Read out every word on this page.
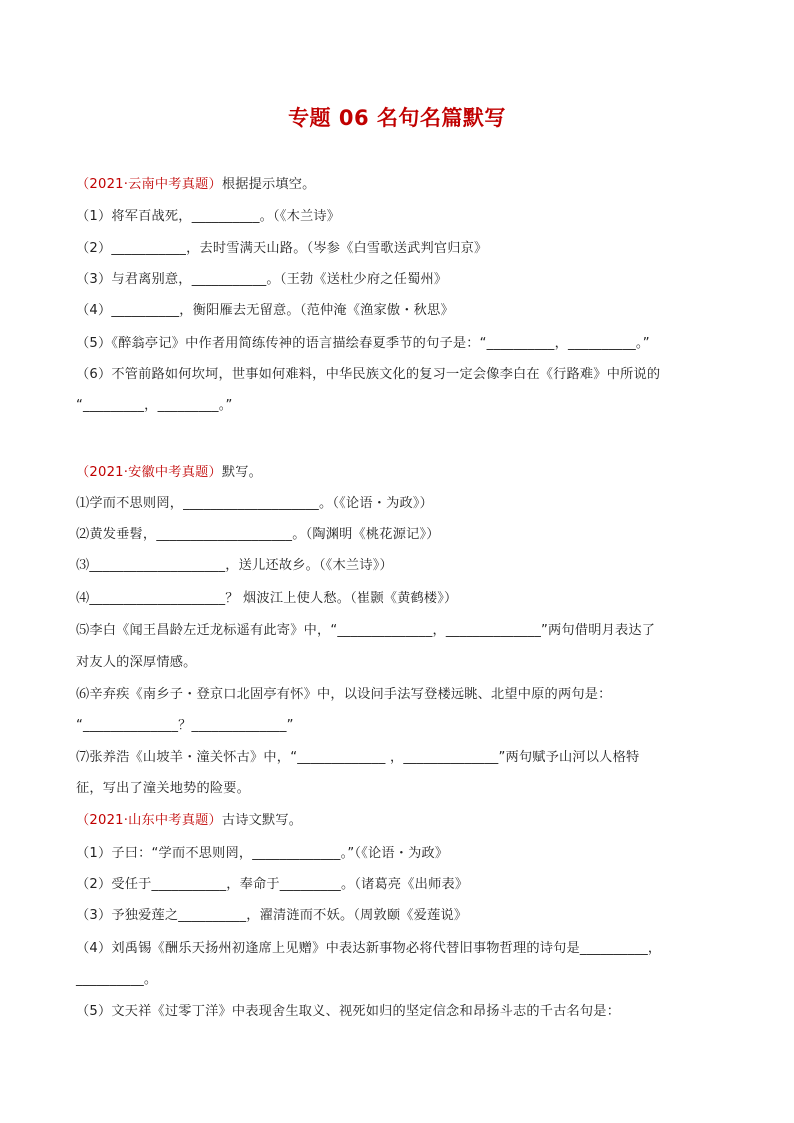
专题 06 名句名篇默写
（2021·云南中考真题）根据提示填空。
（1）将军百战死，__________。（《木兰诗》
（2）___________，去时雪满天山路。（岑参《白雪歌送武判官归京》
（3）与君离别意，___________。（王勃《送杜少府之任蜀州》
（4）__________，衡阳雁去无留意。（范仲淹《渔家傲・秋思》
（5）《醉翁亭记》中作者用简练传神的语言描绘春夏季节的句子是：“__________，__________。”
（6）不管前路如何坎坷，世事如何难料，中华民族文化的复习一定会像李白在《行路难》中所说的
“_________，_________。”
（2021·安徽中考真题）默写。
⑴学而不思则罔，____________________。（《论语・为政》）
⑵黄发垂髫，____________________。（陶渊明《桃花源记》）
⑶____________________，送儿还故乡。（《木兰诗》）
⑷____________________？ 烟波江上使人愁。（崔颢《黄鹤楼》）
⑸李白《闻王昌龄左迁龙标遥有此寄》中，“______________，______________”两句借明月表达了
对友人的深厚情感。
⑹辛弃疾《南乡子・登京口北固亭有怀》中，以设问手法写登楼远眺、北望中原的两句是：
“______________？______________”
⑺张养浩《山坡羊・潼关怀古》中，“_____________ ，______________”两句赋予山河以人格特
征，写出了潼关地势的险要。
（2021·山东中考真题）古诗文默写。
（1）子曰：“学而不思则罔，_____________。”（《论语・为政》
（2）受任于___________，奉命于_________。（诸葛亮《出师表》
（3）予独爱莲之__________，濯清涟而不妖。（周敦颐《爱莲说》
（4）刘禹锡《酬乐天扬州初逢席上见赠》中表达新事物必将代替旧事物哲理的诗句是__________，
__________。
（5）文天祥《过零丁洋》中表现舍生取义、视死如归的坚定信念和昂扬斗志的千古名句是：
